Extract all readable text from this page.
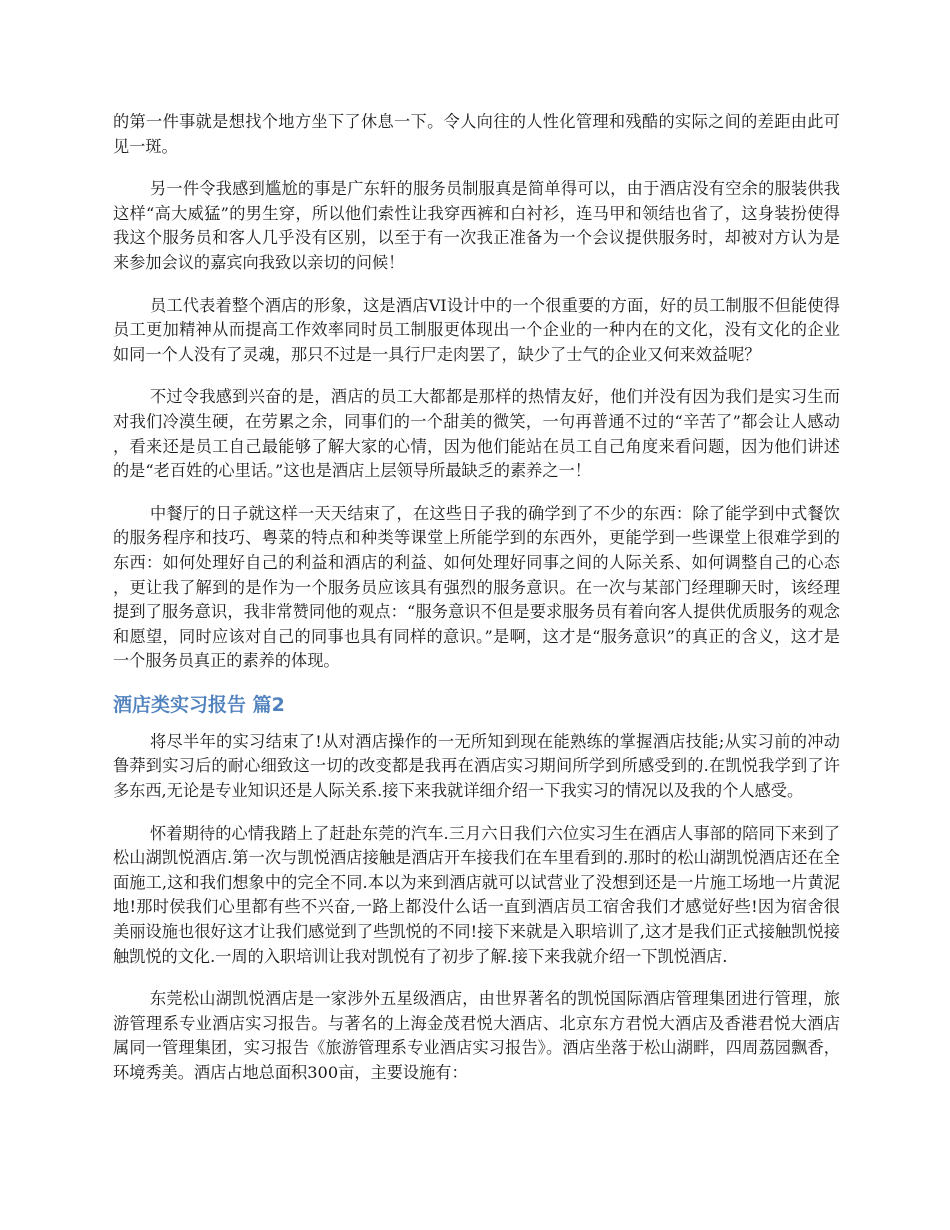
的第一件事就是想找个地方坐下了休息一下。令人向往的人性化管理和残酷的实际之间的差距由此可见一斑。

另一件令我感到尴尬的事是广东轩的服务员制服真是简单得可以，由于酒店没有空余的服装供我这样“高大威猛”的男生穿，所以他们索性让我穿西裤和白衬衫，连马甲和领结也省了，这身装扮使得我这个服务员和客人几乎没有区别，以至于有一次我正准备为一个会议提供服务时，却被对方认为是来参加会议的嘉宾向我致以亲切的问候！

员工代表着整个酒店的形象，这是酒店VI设计中的一个很重要的方面，好的员工制服不但能使得员工更加精神从而提高工作效率同时员工制服更体现出一个企业的一种内在的文化，没有文化的企业如同一个人没有了灵魂，那只不过是一具行尸走肉罢了，缺少了士气的企业又何来效益呢？

不过令我感到兴奋的是，酒店的员工大都都是那样的热情友好，他们并没有因为我们是实习生而对我们冷漠生硬，在劳累之余，同事们的一个甜美的微笑，一句再普通不过的“辛苦了”都会让人感动，看来还是员工自己最能够了解大家的心情，因为他们能站在员工自己角度来看问题，因为他们讲述的是“老百姓的心里话。”这也是酒店上层领导所最缺乏的素养之一！

中餐厅的日子就这样一天天结束了，在这些日子我的确学到了不少的东西：除了能学到中式餐饮的服务程序和技巧、粤菜的特点和种类等课堂上所能学到的东西外，更能学到一些课堂上很难学到的东西：如何处理好自己的利益和酒店的利益、如何处理好同事之间的人际关系、如何调整自己的心态，更让我了解到的是作为一个服务员应该具有强烈的服务意识。在一次与某部门经理聊天时，该经理提到了服务意识，我非常赞同他的观点：“服务意识不但是要求服务员有着向客人提供优质服务的观念和愿望，同时应该对自己的同事也具有同样的意识。”是啊，这才是“服务意识”的真正的含义，这才是一个服务员真正的素养的体现。

酒店类实习报告 篇2

将尽半年的实习结束了!从对酒店操作的一无所知到现在能熟练的掌握酒店技能;从实习前的冲动鲁莽到实习后的耐心细致这一切的改变都是我再在酒店实习期间所学到所感受到的.在凯悦我学到了许多东西,无论是专业知识还是人际关系.接下来我就详细介绍一下我实习的情况以及我的个人感受。

怀着期待的心情我踏上了赶赴东莞的汽车.三月六日我们六位实习生在酒店人事部的陪同下来到了松山湖凯悦酒店.第一次与凯悦酒店接触是酒店开车接我们在车里看到的.那时的松山湖凯悦酒店还在全面施工,这和我们想象中的完全不同.本以为来到酒店就可以试营业了没想到还是一片施工场地一片黄泥地!那时侯我们心里都有些不兴奋,一路上都没什么话一直到酒店员工宿舍我们才感觉好些!因为宿舍很美丽设施也很好这才让我们感觉到了些凯悦的不同!接下来就是入职培训了,这才是我们正式接触凯悦接触凯悦的文化.一周的入职培训让我对凯悦有了初步了解.接下来我就介绍一下凯悦酒店.

东莞松山湖凯悦酒店是一家涉外五星级酒店，由世界著名的凯悦国际酒店管理集团进行管理，旅游管理系专业酒店实习报告。与著名的上海金茂君悦大酒店、北京东方君悦大酒店及香港君悦大酒店属同一管理集团，实习报告《旅游管理系专业酒店实习报告》。酒店坐落于松山湖畔，四周荔园飘香，环境秀美。酒店占地总面积300亩，主要设施有：
